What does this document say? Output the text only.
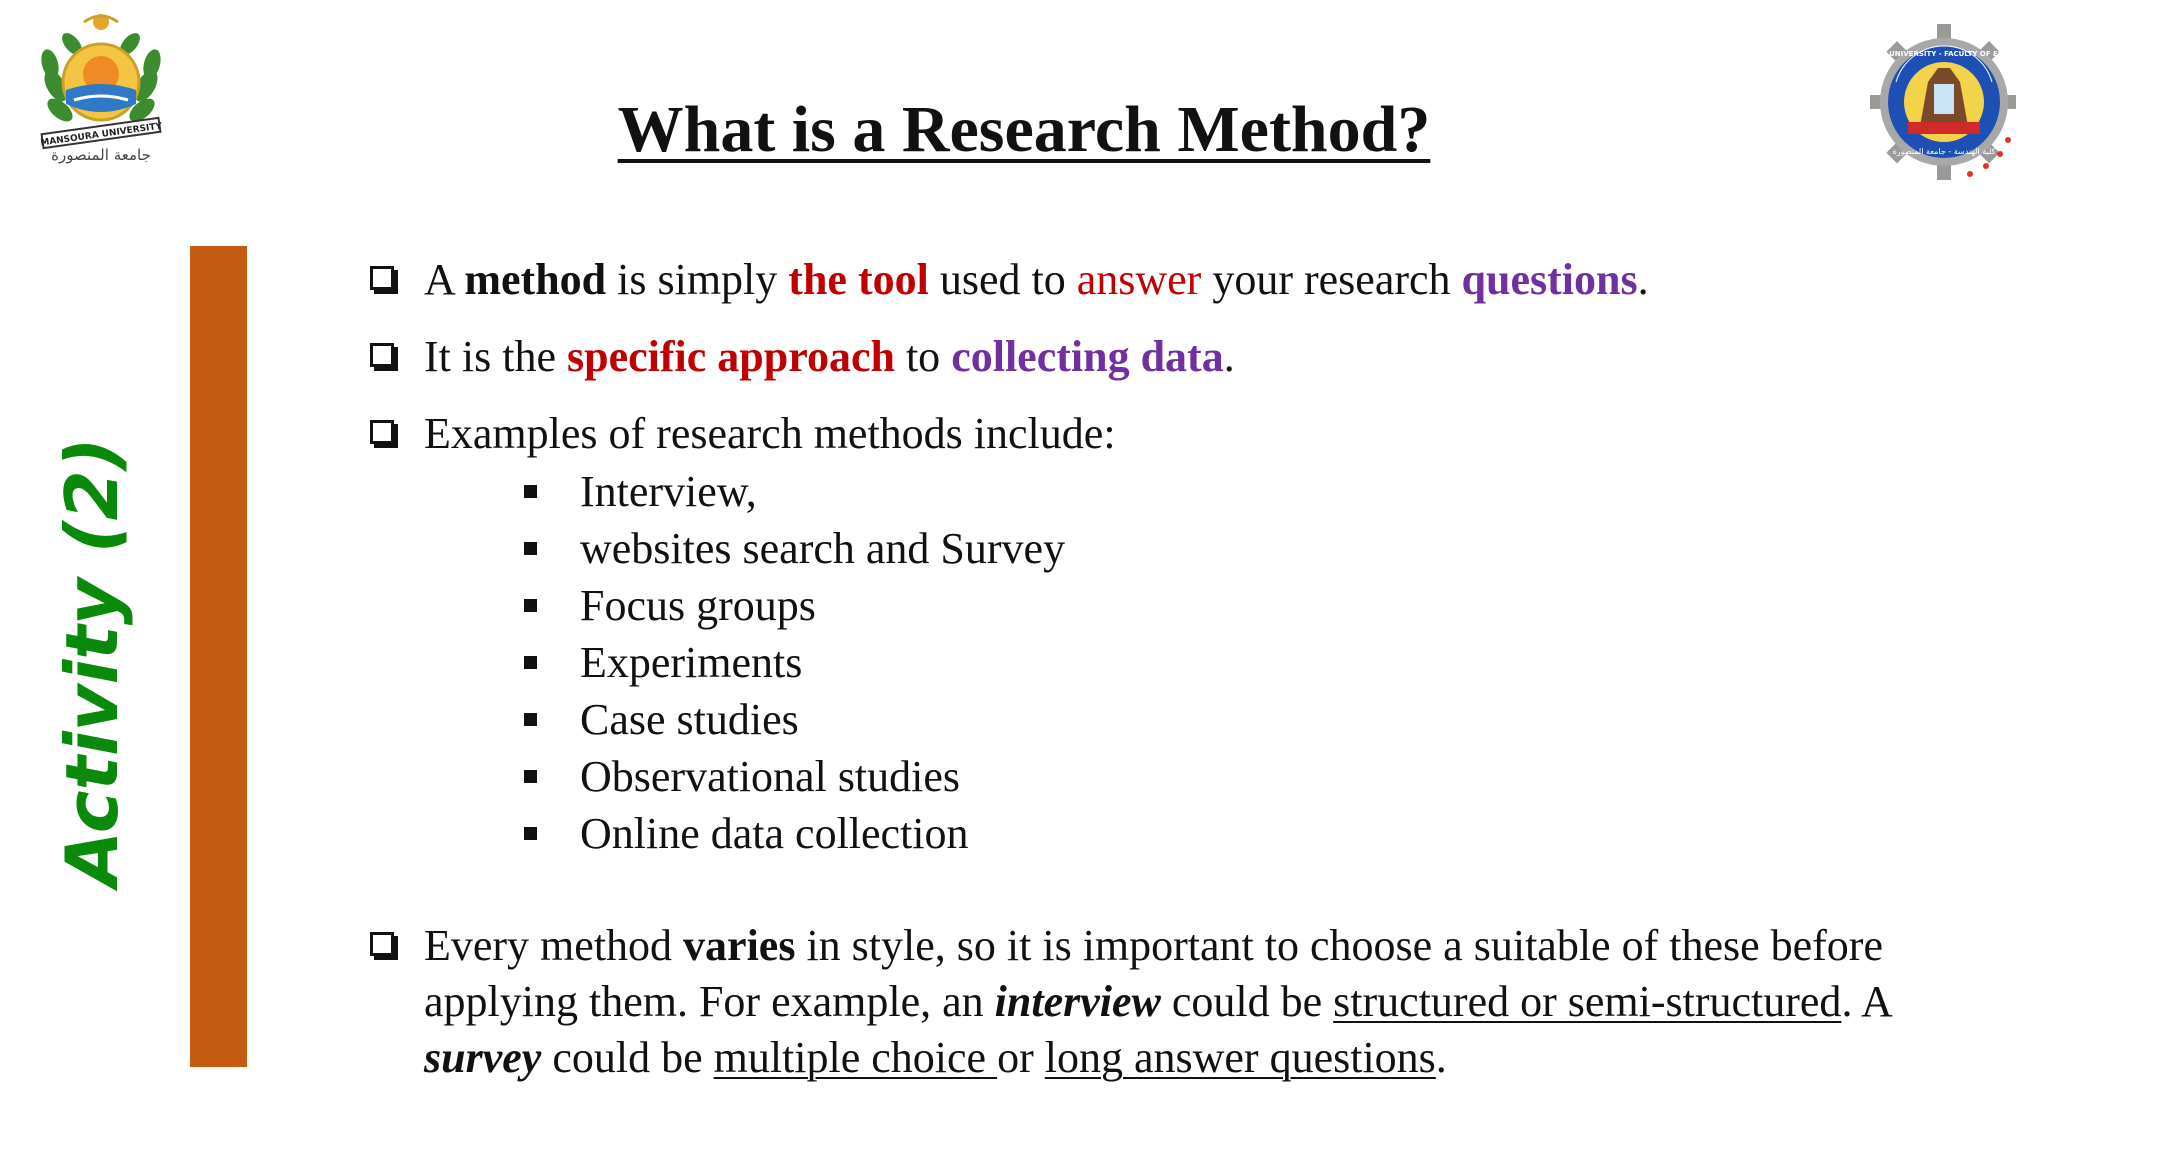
MANSOURA UNIVERSITY
جامعة المنصورة
MANSOURA UNIVERSITY - FACULTY OF ENGINEERING
كلية الهندسة - جامعة المنصورة
What is a Research Method?
Activity (2)
A method is simply the tool used to answer your research questions.
It is the specific approach to collecting data.
Examples of research methods include:
Interview,
websites search and Survey
Focus groups
Experiments
Case studies
Observational studies
Online data collection
Every method varies in style, so it is important to choose a suitable of these before applying them. For example, an interview could be structured or semi-structured. A survey could be multiple choice or long answer questions.
